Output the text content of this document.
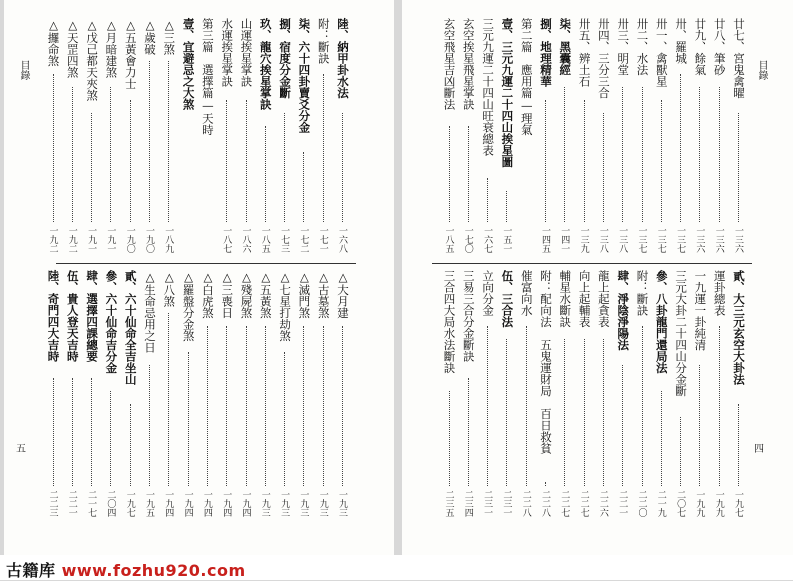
目錄	陸、納甲卦水法
一六八
附：斷訣
一七一
柒、六十四卦賣爻分金
一七二
捌、宿度分金斷
一七三
玖、龍穴挨星掌訣
一八五
山運挨星掌訣
一八六
水運挨星掌訣
一八七
第三篇　選擇篇—天時
壹、宜避忌之大煞
△三煞
一八九
△歲破
一九〇
△五黃會力士
一九〇
△月暗建煞
一九一
△戊己都天夾煞
一九一
△天罡四煞
一九二
△攞命煞
一九二
△大月建
一九三
△古墓煞
一九三
△滅門煞
一九三
△七星打劫煞
一九三
△五黃煞
一九三
△殘屍煞
一九四
△三喪日
一九四
△白虎煞
一九四
△羅盤分金煞
一九四
△八煞
一九四
△生命忌用之日
一九五
貳、六十仙命全吉坐山
一九七
參、六十仙命吉分金
二〇四
肆、選擇四課總要
二一七
伍、貴人登天吉時
二二一
陸、奇門四大吉時
二二三
五
目錄
廿七、宮鬼禽曜
一三六
廿八、筆砂
一三六
廿九、餘氣
一三六
卅、羅城
一三七
卅一、禽獸星
一三七
卅二、水法
一三七
卅三、明堂
一三八
卅四、三分三合
一三八
卅五、辨土石
一三九
柒、黑囊經
一四一
捌、地理精華
一四五
第二篇　應用篇—理氣
壹、三元九運二十四山挨星圖
一五一
三元九運二十四山旺衰總表
一六七
玄空挨星飛星掌訣
一七〇
玄空飛星吉凶斷法
一八五
貳、大三元玄空大卦法
一九七
運卦總表
一九九
一九運一卦純清
一九九
三元大卦二十四山分金斷
二〇七
參、八卦龍門還局法
二一九
附：斷訣
二二〇
肆、淨陰淨陽法
二二一
龍上起貪表
二二六
向上起輔表
二二七
輔星水斷訣
二二七
附：配向法　五鬼運財局　百日救貧
二二八
催富向水
二二八
伍、三合法
二三一
立向分金
二三一
三易三合分金斷訣
二三四
三合四大局水法斷訣
二三五
四
古籍库 www.fozhu920.com
